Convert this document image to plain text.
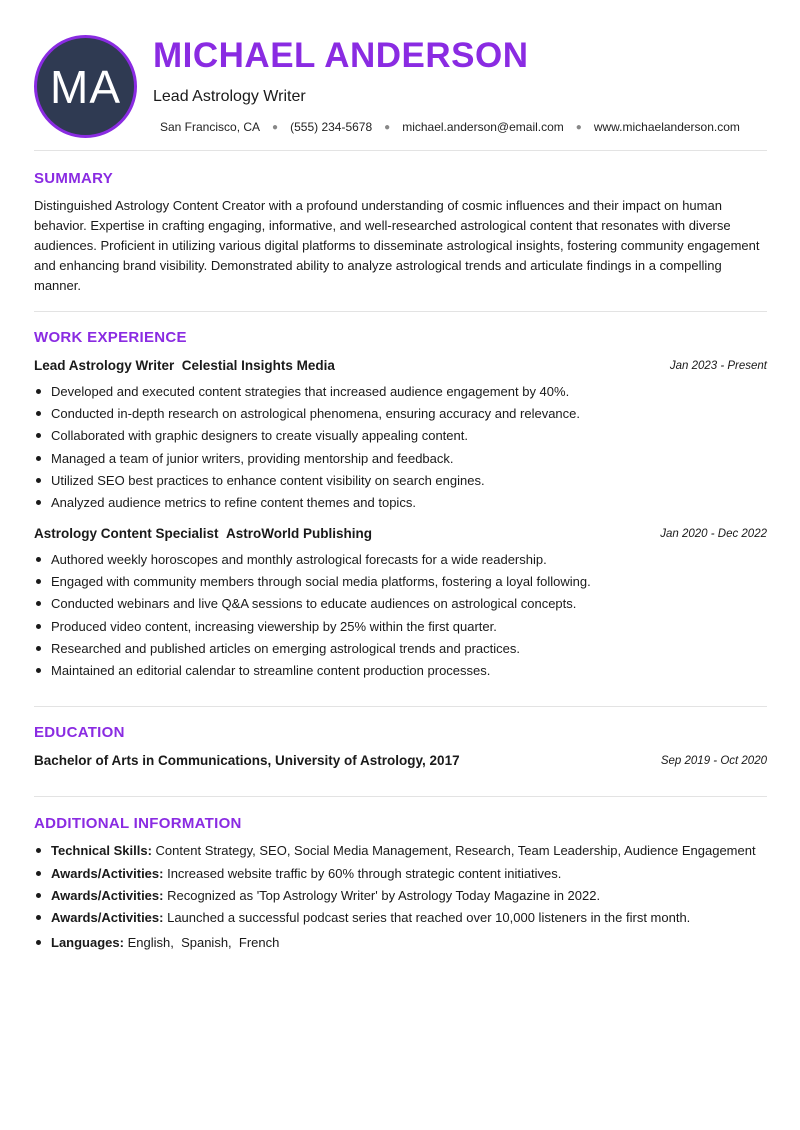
MA
MICHAEL ANDERSON
Lead Astrology Writer
San Francisco, CA ● (555) 234-5678 ● michael.anderson@email.com ● www.michaelanderson.com
SUMMARY
Distinguished Astrology Content Creator with a profound understanding of cosmic influences and their impact on human behavior. Expertise in crafting engaging, informative, and well-researched astrological content that resonates with diverse audiences. Proficient in utilizing various digital platforms to disseminate astrological insights, fostering community engagement and enhancing brand visibility. Demonstrated ability to analyze astrological trends and articulate findings in a compelling manner.
WORK EXPERIENCE
Lead Astrology Writer Celestial Insights Media	Jan 2023 - Present
Developed and executed content strategies that increased audience engagement by 40%.
Conducted in-depth research on astrological phenomena, ensuring accuracy and relevance.
Collaborated with graphic designers to create visually appealing content.
Managed a team of junior writers, providing mentorship and feedback.
Utilized SEO best practices to enhance content visibility on search engines.
Analyzed audience metrics to refine content themes and topics.
Astrology Content Specialist AstroWorld Publishing	Jan 2020 - Dec 2022
Authored weekly horoscopes and monthly astrological forecasts for a wide readership.
Engaged with community members through social media platforms, fostering a loyal following.
Conducted webinars and live Q&A sessions to educate audiences on astrological concepts.
Produced video content, increasing viewership by 25% within the first quarter.
Researched and published articles on emerging astrological trends and practices.
Maintained an editorial calendar to streamline content production processes.
EDUCATION
Bachelor of Arts in Communications, University of Astrology, 2017	Sep 2019 - Oct 2020
ADDITIONAL INFORMATION
Technical Skills: Content Strategy, SEO, Social Media Management, Research, Team Leadership, Audience Engagement
Awards/Activities: Increased website traffic by 60% through strategic content initiatives.
Awards/Activities: Recognized as 'Top Astrology Writer' by Astrology Today Magazine in 2022.
Awards/Activities: Launched a successful podcast series that reached over 10,000 listeners in the first month.
Languages: English,  Spanish,  French
